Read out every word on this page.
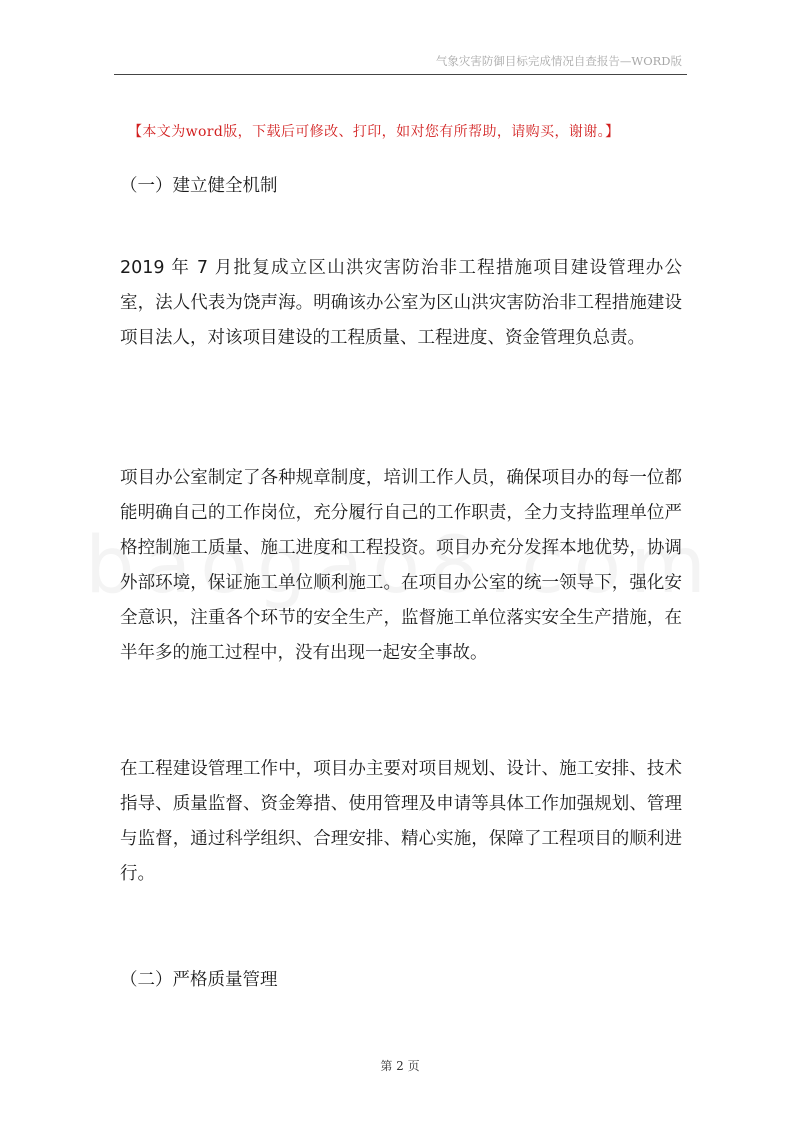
气象灾害防御目标完成情况自查报告—WORD版
【本文为word版，下载后可修改、打印，如对您有所帮助，请购买，谢谢。】
（一）建立健全机制
2019 年 7 月批复成立区山洪灾害防治非工程措施项目建设管理办公室，法人代表为饶声海。明确该办公室为区山洪灾害防治非工程措施建设项目法人，对该项目建设的工程质量、工程进度、资金管理负总责。
项目办公室制定了各种规章制度，培训工作人员，确保项目办的每一位都能明确自己的工作岗位，充分履行自己的工作职责，全力支持监理单位严格控制施工质量、施工进度和工程投资。项目办充分发挥本地优势，协调外部环境，保证施工单位顺利施工。在项目办公室的统一领导下，强化安全意识，注重各个环节的安全生产，监督施工单位落实安全生产措施，在半年多的施工过程中，没有出现一起安全事故。
在工程建设管理工作中，项目办主要对项目规划、设计、施工安排、技术指导、质量监督、资金筹措、使用管理及申请等具体工作加强规划、管理与监督，通过科学组织、合理安排、精心实施，保障了工程项目的顺利进行。
（二）严格质量管理
第 2 页
